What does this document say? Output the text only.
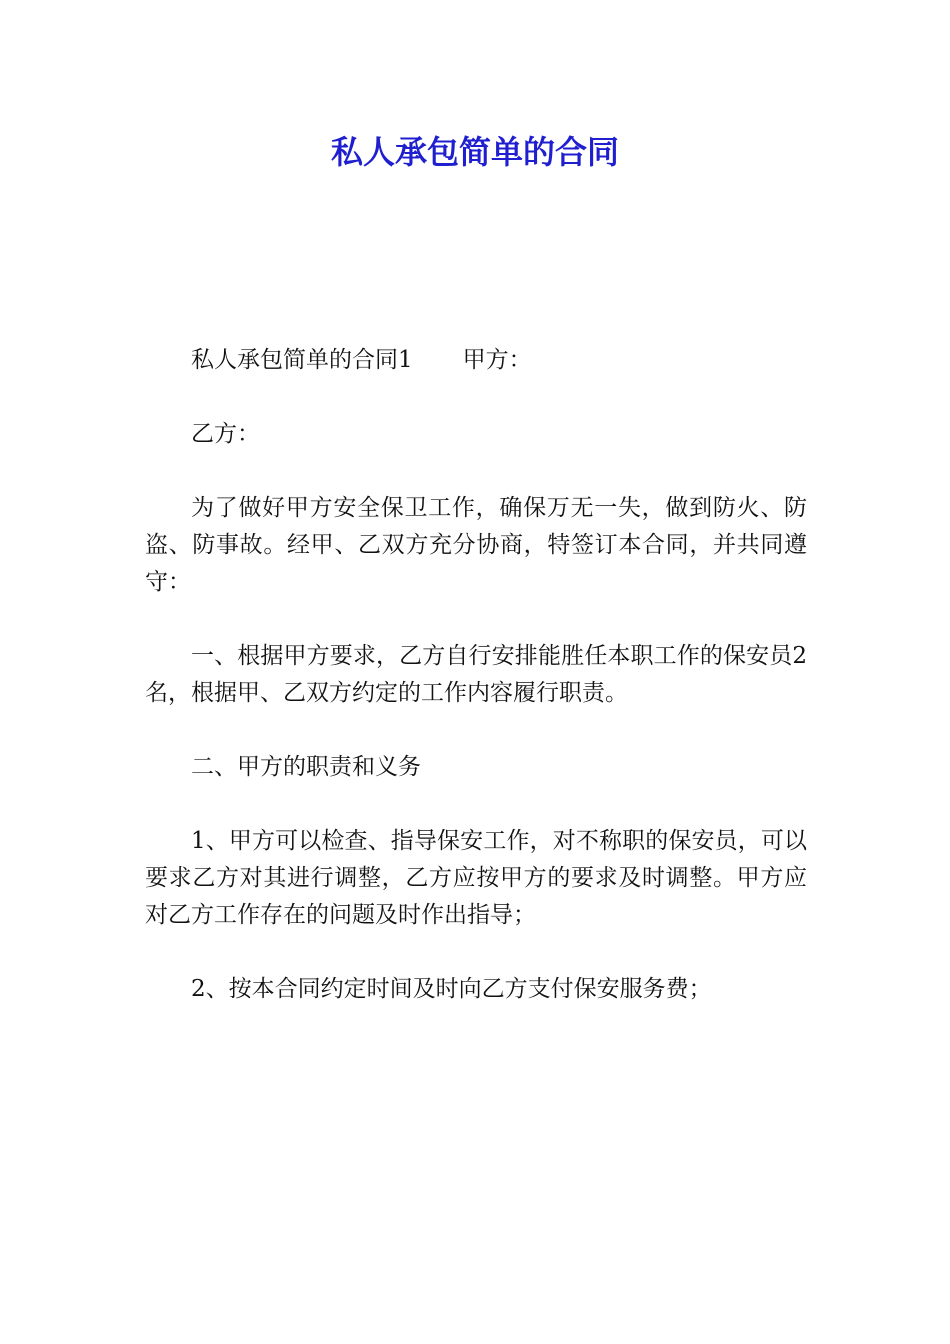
私人承包简单的合同

私人承包简单的合同1 甲方：

乙方：

为了做好甲方安全保卫工作，确保万无一失，做到防火、防盗、防事故。经甲、乙双方充分协商，特签订本合同，并共同遵守：

一、根据甲方要求，乙方自行安排能胜任本职工作的保安员2名，根据甲、乙双方约定的工作内容履行职责。

二、甲方的职责和义务

1、甲方可以检查、指导保安工作，对不称职的保安员，可以要求乙方对其进行调整，乙方应按甲方的要求及时调整。甲方应对乙方工作存在的问题及时作出指导；

2、按本合同约定时间及时向乙方支付保安服务费；
